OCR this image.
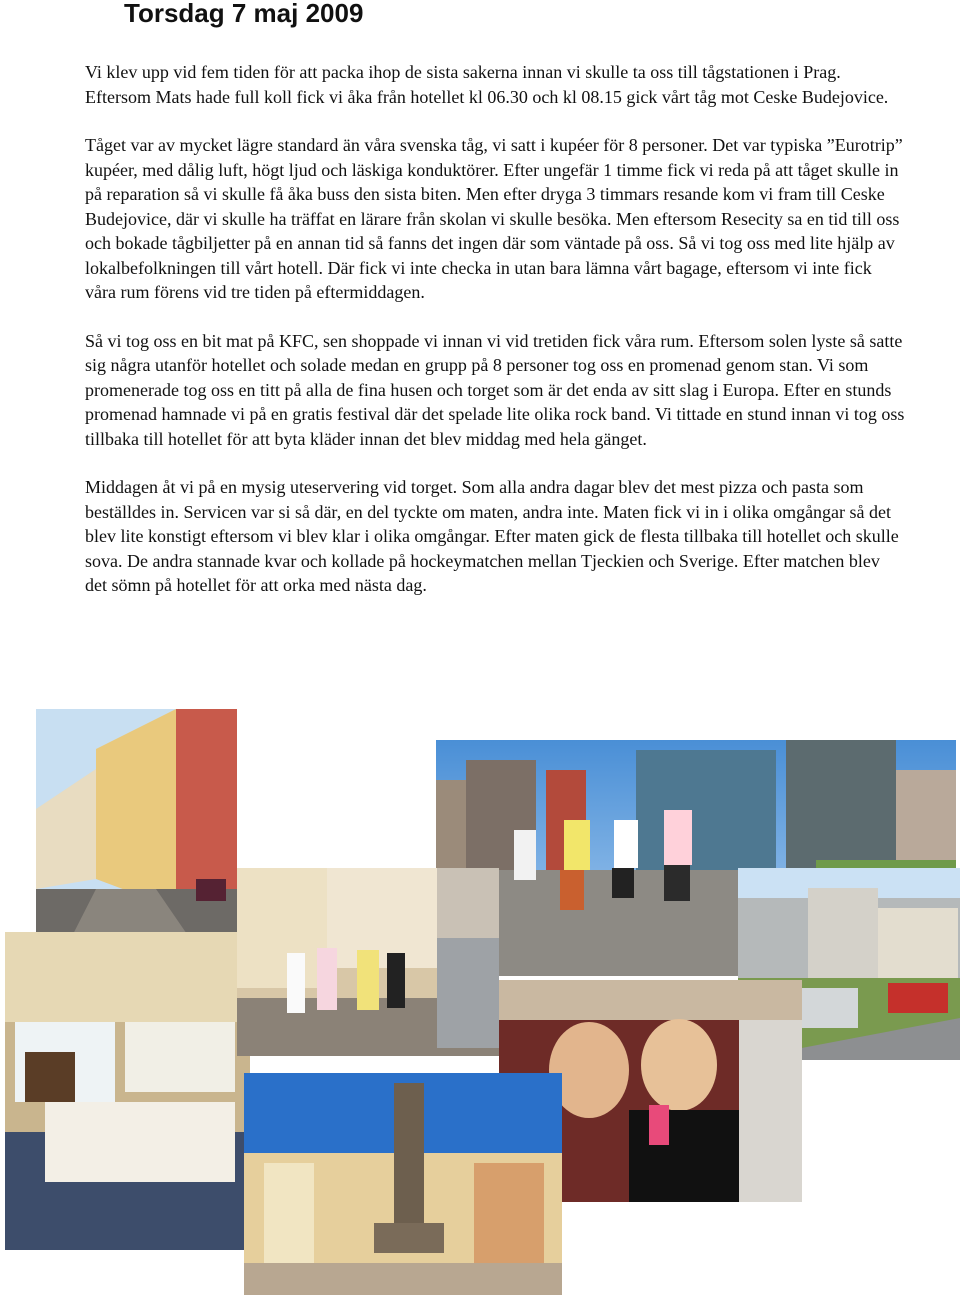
Torsdag 7 maj 2009

Vi klev upp vid fem tiden för att packa ihop de sista sakerna innan vi skulle ta oss till tågstationen i Prag. Eftersom Mats hade full koll fick vi åka från hotellet kl 06.30 och kl 08.15 gick vårt tåg mot Ceske Budejovice.

Tåget var av mycket lägre standard än våra svenska tåg, vi satt i kupéer för 8 personer. Det var typiska ”Eurotrip” kupéer, med dålig luft, högt ljud och läskiga konduktörer. Efter ungefär 1 timme fick vi reda på att tåget skulle in på reparation så vi skulle få åka buss den sista biten. Men efter dryga 3 timmars resande kom vi fram till Ceske Budejovice, där vi skulle ha träffat en lärare från skolan vi skulle besöka. Men eftersom Resecity sa en tid till oss och bokade tågbiljetter på en annan tid så fanns det ingen där som väntade på oss. Så vi tog oss med lite hjälp av lokalbefolkningen till vårt hotell. Där fick vi inte checka in utan bara lämna vårt bagage, eftersom vi inte fick våra rum förens vid tre tiden på eftermiddagen.

Så vi tog oss en bit mat på KFC, sen shoppade vi innan vi vid tretiden fick våra rum. Eftersom solen lyste så satte sig några utanför hotellet och solade medan en grupp på 8 personer tog oss en promenad genom stan. Vi som promenerade tog oss en titt på alla de fina husen och torget som är det enda av sitt slag i Europa. Efter en stunds promenad hamnade vi på en gratis festival där det spelade lite olika rock band. Vi tittade en stund innan vi tog oss tillbaka till hotellet för att byta kläder innan det blev middag med hela gänget.

Middagen åt vi på en mysig uteservering vid torget. Som alla andra dagar blev det mest pizza och pasta som beställdes in. Servicen var si så där, en del tyckte om maten, andra inte. Maten fick vi in i olika omgångar så det blev lite konstigt eftersom vi blev klar i olika omgångar. Efter maten gick de flesta tillbaka till hotellet och skulle sova. De andra stannade kvar och kollade på hockeymatchen mellan Tjeckien och Sverige. Efter matchen blev det sömn på hotellet för att orka med nästa dag.
